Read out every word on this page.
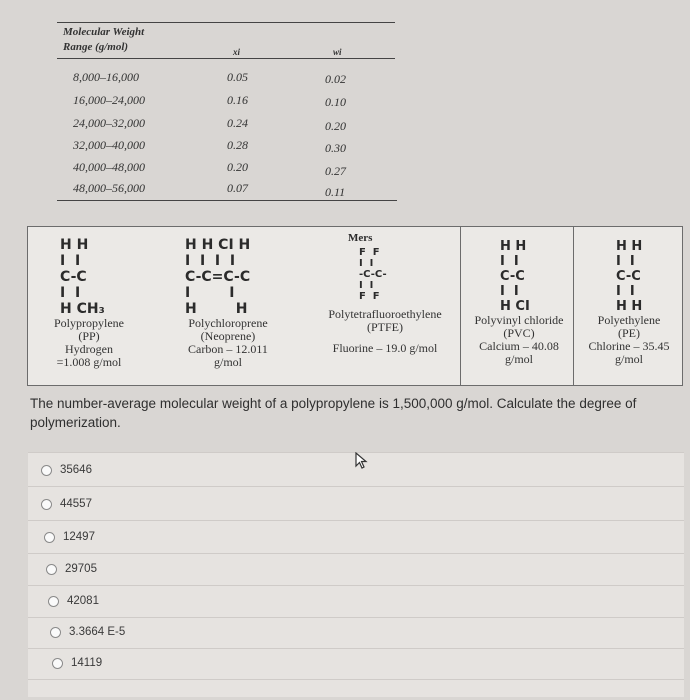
Molecular Weight
Range (g/mol)	xi	wi
8,000–16,000	0.05	0.02
16,000–24,000	0.16	0.10
24,000–32,000	0.24	0.20
32,000–40,000	0.28	0.30
40,000–48,000	0.20	0.27
48,000–56,000	0.07	0.11
Mers
H H
I  I
C-C
I  I
H CH₃
Polypropylene
(PP)
Hydrogen
=1.008 g/mol
H H CI H
I  I  I  I
C-C=C-C
I        I
H        H
Polychloroprene
(Neoprene)
Carbon – 12.011
g/mol
F  F
I  I
-C-C-
I  I
F  F
Polytetrafluoroethylene
(PTFE)
Fluorine – 19.0 g/mol
H H
I  I
C-C
I  I
H CI
Polyvinyl chloride
(PVC)
Calcium – 40.08
g/mol
H H
I  I
C-C
I  I
H H
Polyethylene
(PE)
Chlorine – 35.45
g/mol
The number-average molecular weight of a polypropylene is 1,500,000 g/mol. Calculate the degree of polymerization.
35646
44557
12497
29705
42081
3.3664 E-5
14119
